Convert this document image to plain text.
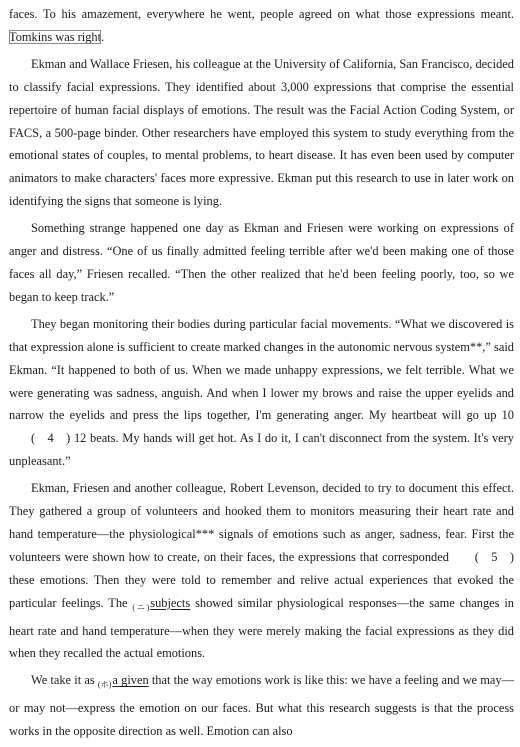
faces. To his amazement, everywhere he went, people agreed on what those expressions meant. Tomkins was right.

Ekman and Wallace Friesen, his colleague at the University of California, San Francisco, decided to classify facial expressions. They identified about 3,000 expressions that comprise the essential repertoire of human facial displays of emotions. The result was the Facial Action Coding System, or FACS, a 500-page binder. Other researchers have employed this system to study everything from the emotional states of couples, to mental problems, to heart disease. It has even been used by computer animators to make characters' faces more expressive. Ekman put this research to use in later work on identifying the signs that someone is lying.

Something strange happened one day as Ekman and Friesen were working on expressions of anger and distress. “One of us finally admitted feeling terrible after we'd been making one of those faces all day,” Friesen recalled. “Then the other realized that he'd been feeling poorly, too, so we began to keep track.”

They began monitoring their bodies during particular facial movements. “What we discovered is that expression alone is sufficient to create marked changes in the autonomic nervous system**,” said Ekman. “It happened to both of us. When we made unhappy expressions, we felt terrible. What we were generating was sadness, anguish. And when I lower my brows and raise the upper eyelids and narrow the eyelids and press the lips together, I'm generating anger. My heartbeat will go up 10 (    4    ) 12 beats. My hands will get hot. As I do it, I can't disconnect from the system. It's very unpleasant.”

Ekman, Friesen and another colleague, Robert Levenson, decided to try to document this effect. They gathered a group of volunteers and hooked them to monitors measuring their heart rate and hand temperature—the physiological*** signals of emotions such as anger, sadness, fear. First the volunteers were shown how to create, on their faces, the expressions that corresponded (    5    ) these emotions. Then they were told to remember and relive actual experiences that evoked the particular feelings. The $_{(ニ)}$subjects showed similar physiological responses—the same changes in heart rate and hand temperature—when they were merely making the facial expressions as they did when they recalled the actual emotions.

We take it as $_{(ホ)}$a given that the way emotions work is like this: we have a feeling and we may—or may not—express the emotion on our faces. But what this research suggests is that the process works in the opposite direction as well. Emotion can also
